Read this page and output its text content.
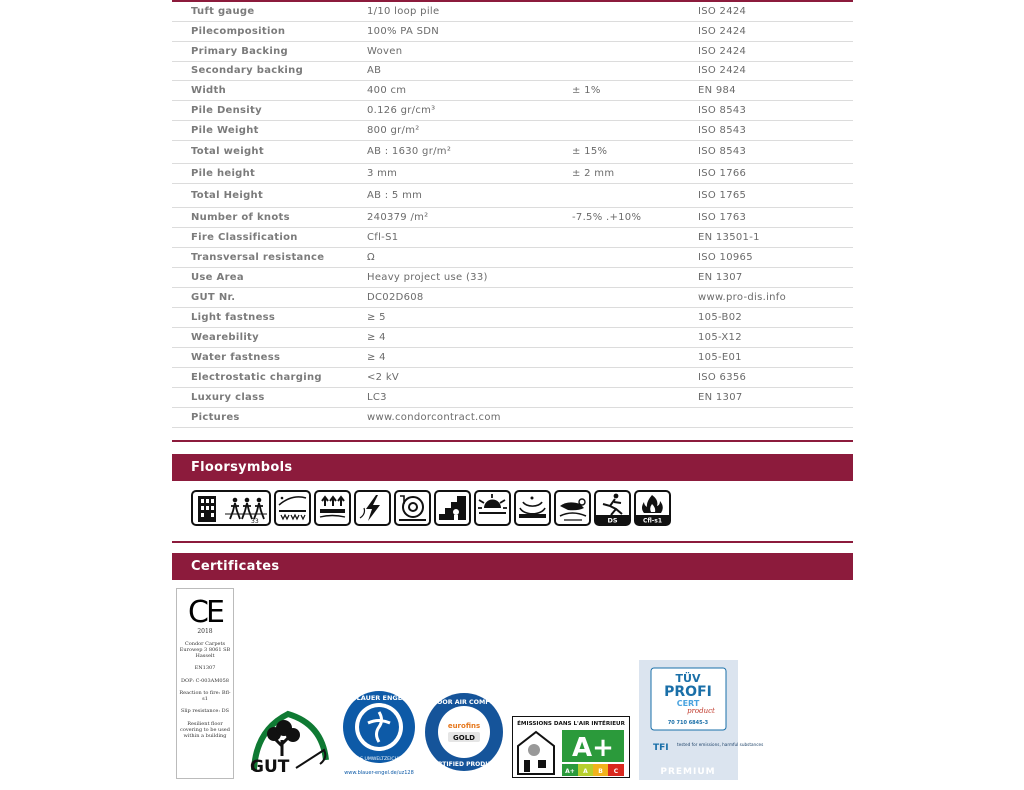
Tuft gauge	1/10 loop pile		ISO 2424
Pilecomposition	100% PA SDN		ISO 2424
Primary Backing	Woven		ISO 2424
Secondary backing	AB		ISO 2424
Width	400 cm	± 1%	EN 984
Pile Density	0.126 gr/cm³		ISO 8543
Pile Weight	800 gr/m²		ISO 8543
Total weight	AB : 1630 gr/m²	± 15%	ISO 8543
Pile height	3 mm	± 2 mm	ISO 1766
Total Height	AB : 5 mm		ISO 1765
Number of knots	240379 /m²	-7.5% .+10%	ISO 1763
Fire Classification	Cfl-S1		EN 13501-1
Transversal resistance	Ω		ISO 10965
Use Area	Heavy project use (33)		EN 1307
GUT Nr.	DC02D608		www.pro-dis.info
Light fastness	≥ 5		105-B02
Wearebility	≥ 4		105-X12
Water fastness	≥ 4		105-E01
Electrostatic charging	<2 kV		ISO 6356
Luxury class	LC3		EN 1307
Pictures	www.condorcontract.com		
Floorsymbols
33	DS	Cfl-s1
Certificates
CE
2018

Condor Carpets Eurowep 3 8061 SB Hasselt

EN1307

DOP: C-003AM058

Reaction to fire: Bfl-s1

Slip resistance: DS

Resilient floor covering to be used within a building

GUT
BLAUER ENGEL
DAS UMWELTZEICHEN
www.blauer-engel.de/uz128
INDOOR AIR COMFORT
eurofins
GOLD
CERTIFIED PRODUCT
ÉMISSIONS DANS L'AIR INTÉRIEUR
A+
A+ A B C
TÜV
PROFI
CERT
product
70 710 6845-3
TFI tested for emissions, harmful substances
PREMIUM
